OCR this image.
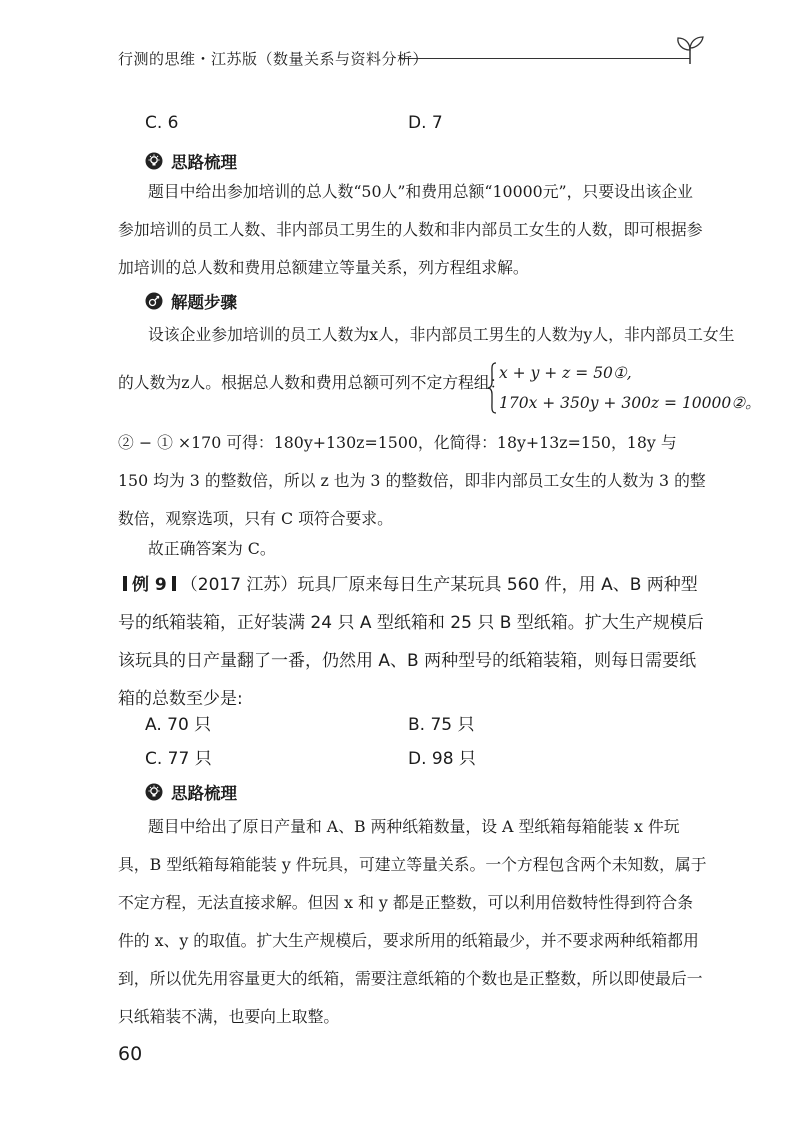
行测的思维・江苏版（数量关系与资料分析）
C. 6	D. 7
思路梳理
题目中给出参加培训的总人数“50人”和费用总额“10000元”，只要设出该企业参加培训的员工人数、非内部员工男生的人数和非内部员工女生的人数，即可根据参加培训的总人数和费用总额建立等量关系，列方程组求解。
解题步骤
设该企业参加培训的员工人数为x人，非内部员工男生的人数为y人，非内部员工女生
的人数为z人。根据总人数和费用总额可列不定方程组：
x + y + z = 50①,
170x + 350y + 300z = 10000②。
② − ① ×170 可得：180y+130z=1500，化简得：18y+13z=150，18y 与 150 均为 3 的整数倍，所以 z 也为 3 的整数倍，即非内部员工女生的人数为 3 的整数倍，观察选项，只有 C 项符合要求。
故正确答案为 C。
例 9 （2017 江苏）玩具厂原来每日生产某玩具 560 件，用 A、B 两种型号的纸箱装箱，正好装满 24 只 A 型纸箱和 25 只 B 型纸箱。扩大生产规模后该玩具的日产量翻了一番，仍然用 A、B 两种型号的纸箱装箱，则每日需要纸箱的总数至少是:
A. 70 只	B. 75 只
C. 77 只	D. 98 只
思路梳理
题目中给出了原日产量和 A、B 两种纸箱数量，设 A 型纸箱每箱能装 x 件玩具，B 型纸箱每箱能装 y 件玩具，可建立等量关系。一个方程包含两个未知数，属于不定方程，无法直接求解。但因 x 和 y 都是正整数，可以利用倍数特性得到符合条件的 x、y 的取值。扩大生产规模后，要求所用的纸箱最少，并不要求两种纸箱都用到，所以优先用容量更大的纸箱，需要注意纸箱的个数也是正整数，所以即使最后一只纸箱装不满，也要向上取整。
60
